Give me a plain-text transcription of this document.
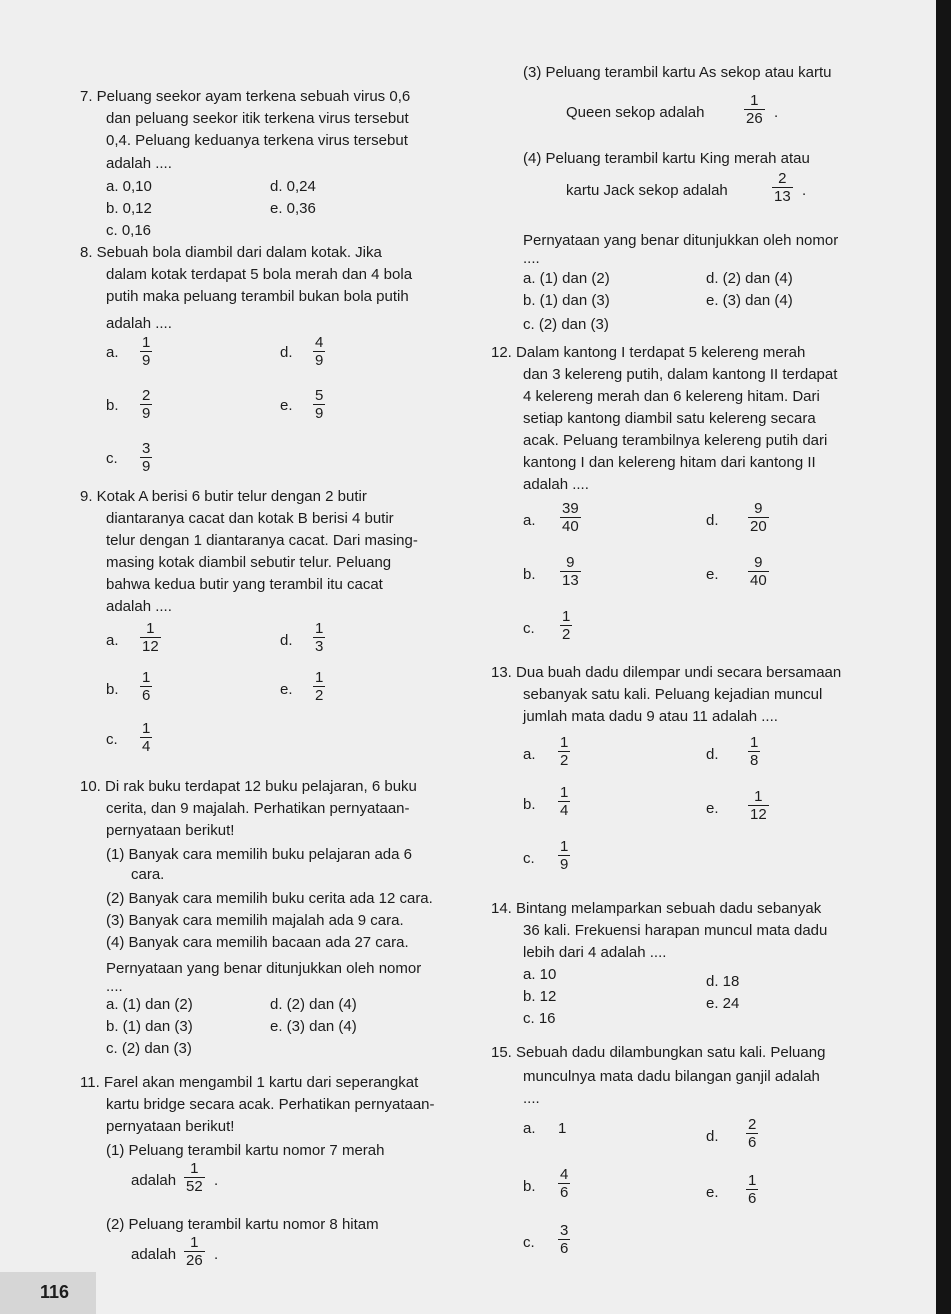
7. Peluang seekor ayam terkena sebuah virus 0,6
dan peluang seekor itik terkena virus tersebut
0,4. Peluang keduanya terkena virus tersebut
adalah ....
a. 0,10
b. 0,12
c. 0,16
d. 0,24
e. 0,36
8. Sebuah bola diambil dari dalam kotak. Jika
dalam kotak terdapat 5 bola merah dan 4 bola
putih maka peluang terambil bukan bola putih
adalah ....
a. $\frac{1}{9}$
b. $\frac{2}{9}$
c. $\frac{3}{9}$
d. $\frac{4}{9}$
e. $\frac{5}{9}$
9. Kotak A berisi 6 butir telur dengan 2 butir
diantaranya cacat dan kotak B berisi 4 butir
telur dengan 1 diantaranya cacat. Dari masing-
masing kotak diambil sebutir telur. Peluang
bahwa kedua butir yang terambil itu cacat
adalah ....
a. $\frac{1}{12}$
b. $\frac{1}{6}$
c. $\frac{1}{4}$
d. $\frac{1}{3}$
e. $\frac{1}{2}$
10. Di rak buku terdapat 12 buku pelajaran, 6 buku
cerita, dan 9 majalah. Perhatikan pernyataan-
pernyataan berikut!
(1) Banyak cara memilih buku pelajaran ada 6
cara.
(2) Banyak cara memilih buku cerita ada 12 cara.
(3) Banyak cara memilih majalah ada 9 cara.
(4) Banyak cara memilih bacaan ada 27 cara.
Pernyataan yang benar ditunjukkan oleh nomor
....
a. (1) dan (2)
b. (1) dan (3)
c. (2) dan (3)
d. (2) dan (4)
e. (3) dan (4)
11. Farel akan mengambil 1 kartu dari seperangkat
kartu bridge secara acak. Perhatikan pernyataan-
pernyataan berikut!
(1) Peluang terambil kartu nomor 7 merah
adalah $\frac{1}{52}$ .
(2) Peluang terambil kartu nomor 8 hitam
adalah $\frac{1}{26}$ .
(3) Peluang terambil kartu As sekop atau kartu
Queen sekop adalah	$\frac{1}{26}$ .
(4) Peluang terambil kartu King merah atau
kartu Jack sekop adalah	$\frac{2}{13}$ .
Pernyataan yang benar ditunjukkan oleh nomor
....
a. (1) dan (2)
b. (1) dan (3)
c. (2) dan (3)
d. (2) dan (4)
e. (3) dan (4)
12. Dalam kantong I terdapat 5 kelereng merah
dan 3 kelereng putih, dalam kantong II terdapat
4 kelereng merah dan 6 kelereng hitam. Dari
setiap kantong diambil satu kelereng secara
acak. Peluang terambilnya kelereng putih dari
kantong I dan kelereng hitam dari kantong II
adalah ....
a. $\frac{39}{40}$
b. $\frac{9}{13}$
c. $\frac{1}{2}$
d. $\frac{9}{20}$
e. $\frac{9}{40}$
13. Dua buah dadu dilempar undi secara bersamaan
sebanyak satu kali. Peluang kejadian muncul
jumlah mata dadu 9 atau 11 adalah ....
a. $\frac{1}{2}$
b. $\frac{1}{4}$
c. $\frac{1}{9}$
d. $\frac{1}{8}$
e. $\frac{1}{12}$
14. Bintang melamparkan sebuah dadu sebanyak
36 kali. Frekuensi harapan muncul mata dadu
lebih dari 4 adalah ....
a. 10
b. 12
c. 16
d. 18
e. 24
15. Sebuah dadu dilambungkan satu kali. Peluang
munculnya mata dadu bilangan ganjil adalah
....
a. 1
b. $\frac{4}{6}$
c. $\frac{3}{6}$
d. $\frac{2}{6}$
e. $\frac{1}{6}$
116
